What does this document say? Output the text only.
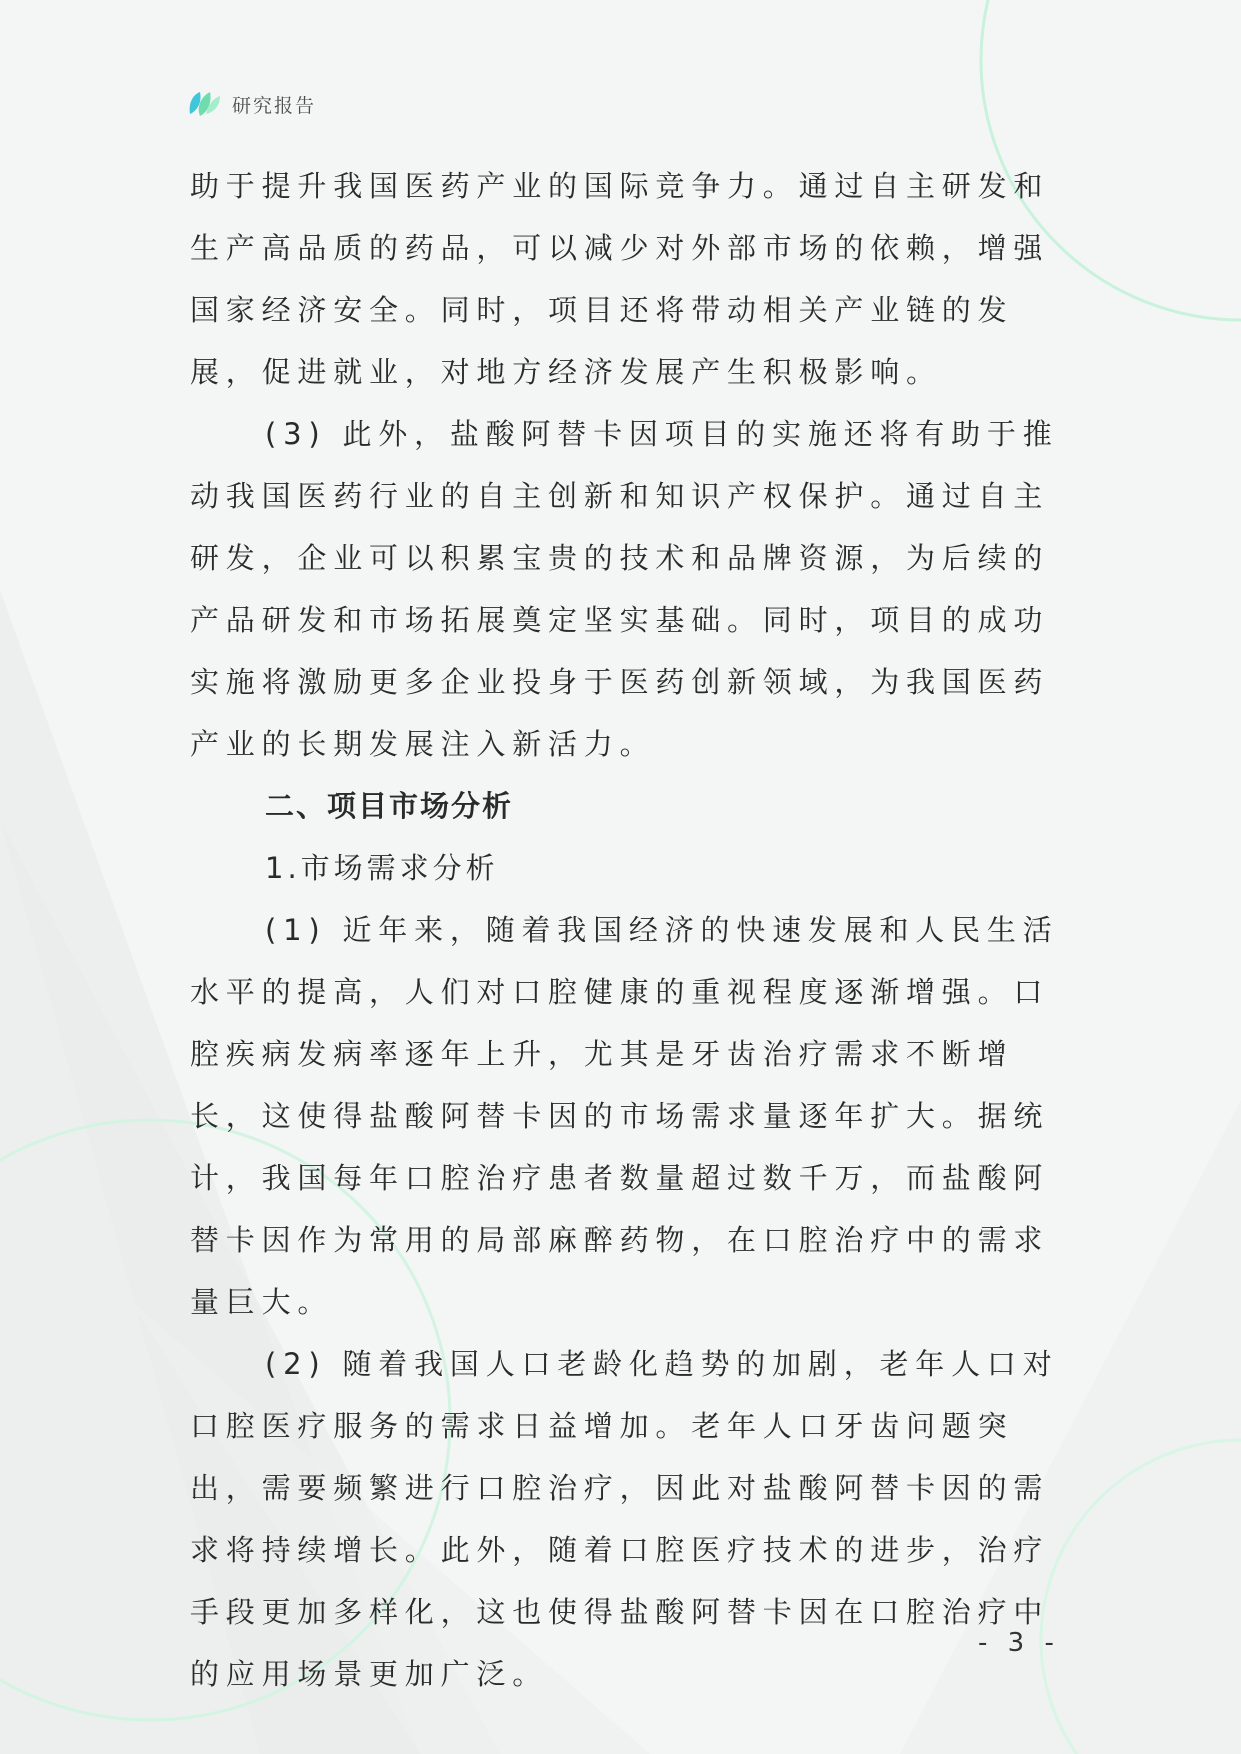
研究报告

助于提升我国医药产业的国际竞争力。通过自主研发和生产高品质的药品，可以减少对外部市场的依赖，增强国家经济安全。同时，项目还将带动相关产业链的发展，促进就业，对地方经济发展产生积极影响。

(3) 此外，盐酸阿替卡因项目的实施还将有助于推动我国医药行业的自主创新和知识产权保护。通过自主研发，企业可以积累宝贵的技术和品牌资源，为后续的产品研发和市场拓展奠定坚实基础。同时，项目的成功实施将激励更多企业投身于医药创新领域，为我国医药产业的长期发展注入新活力。

二、项目市场分析

1.市场需求分析

(1) 近年来，随着我国经济的快速发展和人民生活水平的提高，人们对口腔健康的重视程度逐渐增强。口腔疾病发病率逐年上升，尤其是牙齿治疗需求不断增长，这使得盐酸阿替卡因的市场需求量逐年扩大。据统计，我国每年口腔治疗患者数量超过数千万，而盐酸阿替卡因作为常用的局部麻醉药物，在口腔治疗中的需求量巨大。

(2) 随着我国人口老龄化趋势的加剧，老年人口对口腔医疗服务的需求日益增加。老年人口牙齿问题突出，需要频繁进行口腔治疗，因此对盐酸阿替卡因的需求将持续增长。此外，随着口腔医疗技术的进步，治疗手段更加多样化，这也使得盐酸阿替卡因在口腔治疗中的应用场景更加广泛。

- 3 -
